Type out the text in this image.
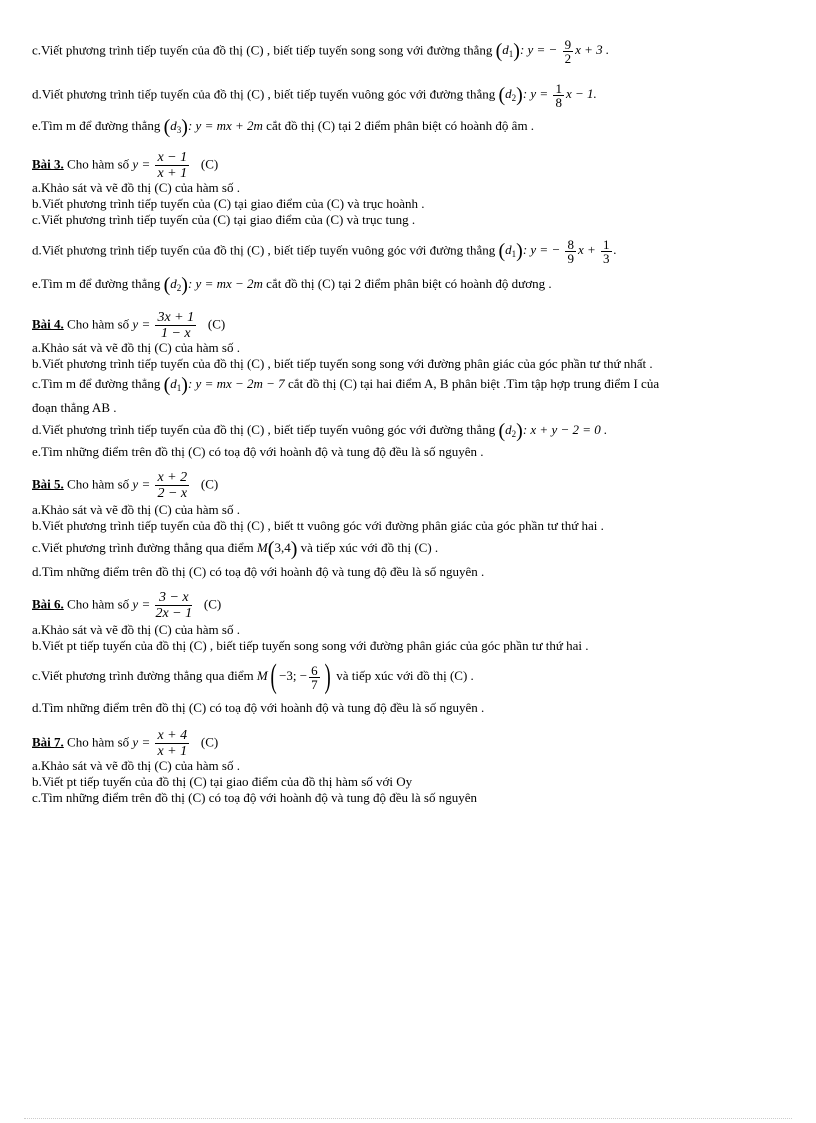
c.Viết phương trình tiếp tuyến của đồ thị (C) , biết tiếp tuyến song song với đường thẳng $(d_1)$: y = − $\frac{9}{2}$ x + 3 .
d.Viết phương trình tiếp tuyến của đồ thị (C) , biết tiếp tuyến vuông góc với đường thẳng $(d_2)$: $y = \frac{1}{8}$ x − 1.
e.Tìm m để đường thẳng $(d_3)$: y = mx + 2m cắt đồ thị (C) tại 2 điểm phân biệt có hoành độ âm .
Bài 3. Cho hàm số $y = \frac{x - 1}{x + 1} (C)$
a.Khảo sát và vẽ đồ thị (C) của hàm số .
b.Viết phương trình tiếp tuyến của (C) tại giao điểm của (C) và trục hoành .
c.Viết phương trình tiếp tuyến của (C) tại giao điểm của (C) và trục tung .
d.Viết phương trình tiếp tuyến của đồ thị (C) , biết tiếp tuyến vuông góc với đường thẳng $(d_1)$: y = − $\frac{8}{9}$ $x + \frac{1}{3}$ .
e.Tìm m để đường thẳng $(d_2)$: y = mx − 2m cắt đồ thị (C) tại 2 điểm phân biệt có hoành độ dương .
Bài 4. Cho hàm số $y = \frac{3x + 1}{1 - x} (C)$
a.Khảo sát và vẽ đồ thị (C) của hàm số .
b.Viết phương trình tiếp tuyến của đồ thị (C) , biết tiếp tuyến song song với đường phân giác của góc phần tư thứ nhất .
c.Tìm m để đường thẳng $(d_1)$: y = mx − 2m − 7 cắt đồ thị (C) tại hai điểm A, B phân biệt .Tìm tập hợp trung điểm I của
đoạn thẳng AB .
d.Viết phương trình tiếp tuyến của đồ thị (C) , biết tiếp tuyến vuông góc với đường thẳng $(d_2)$: x + y − 2 = 0 .
e.Tìm những điểm trên đồ thị (C) có toạ độ với hoành độ và tung độ đều là số nguyên .
Bài 5. Cho hàm số $y = \frac{x + 2}{2 - x} (C)$
a.Khảo sát và vẽ đồ thị (C) của hàm số .
b.Viết phương trình tiếp tuyến của đồ thị (C) , biết tt vuông góc với đường phân giác của góc phần tư thứ hai .
c.Viết phương trình đường thẳng qua điểm M(3,4) và tiếp xúc với đồ thị (C) .
d.Tìm những điểm trên đồ thị (C) có toạ độ với hoành độ và tung độ đều là số nguyên .
Bài 6. Cho hàm số $y = \frac{3 - x}{2x - 1} (C)$
a.Khảo sát và vẽ đồ thị (C) của hàm số .
b.Viết pt tiếp tuyến của đồ thị (C) , biết tiếp tuyến song song với đường phân giác của góc phần tư thứ hai .
c.Viết phương trình đường thẳng qua điểm M( −3; − $\frac{6}{7}$ ) và tiếp xúc với đồ thị (C) .
d.Tìm những điểm trên đồ thị (C) có toạ độ với hoành độ và tung độ đều là số nguyên .
Bài 7. Cho hàm số $y = \frac{x + 4}{x + 1} (C)$
a.Khảo sát và vẽ đồ thị (C) của hàm số .
b.Viết pt tiếp tuyến của đồ thị (C) tại giao điểm của đồ thị hàm số với Oy
c.Tìm những điểm trên đồ thị (C) có toạ độ với hoành độ và tung độ đều là số nguyên
